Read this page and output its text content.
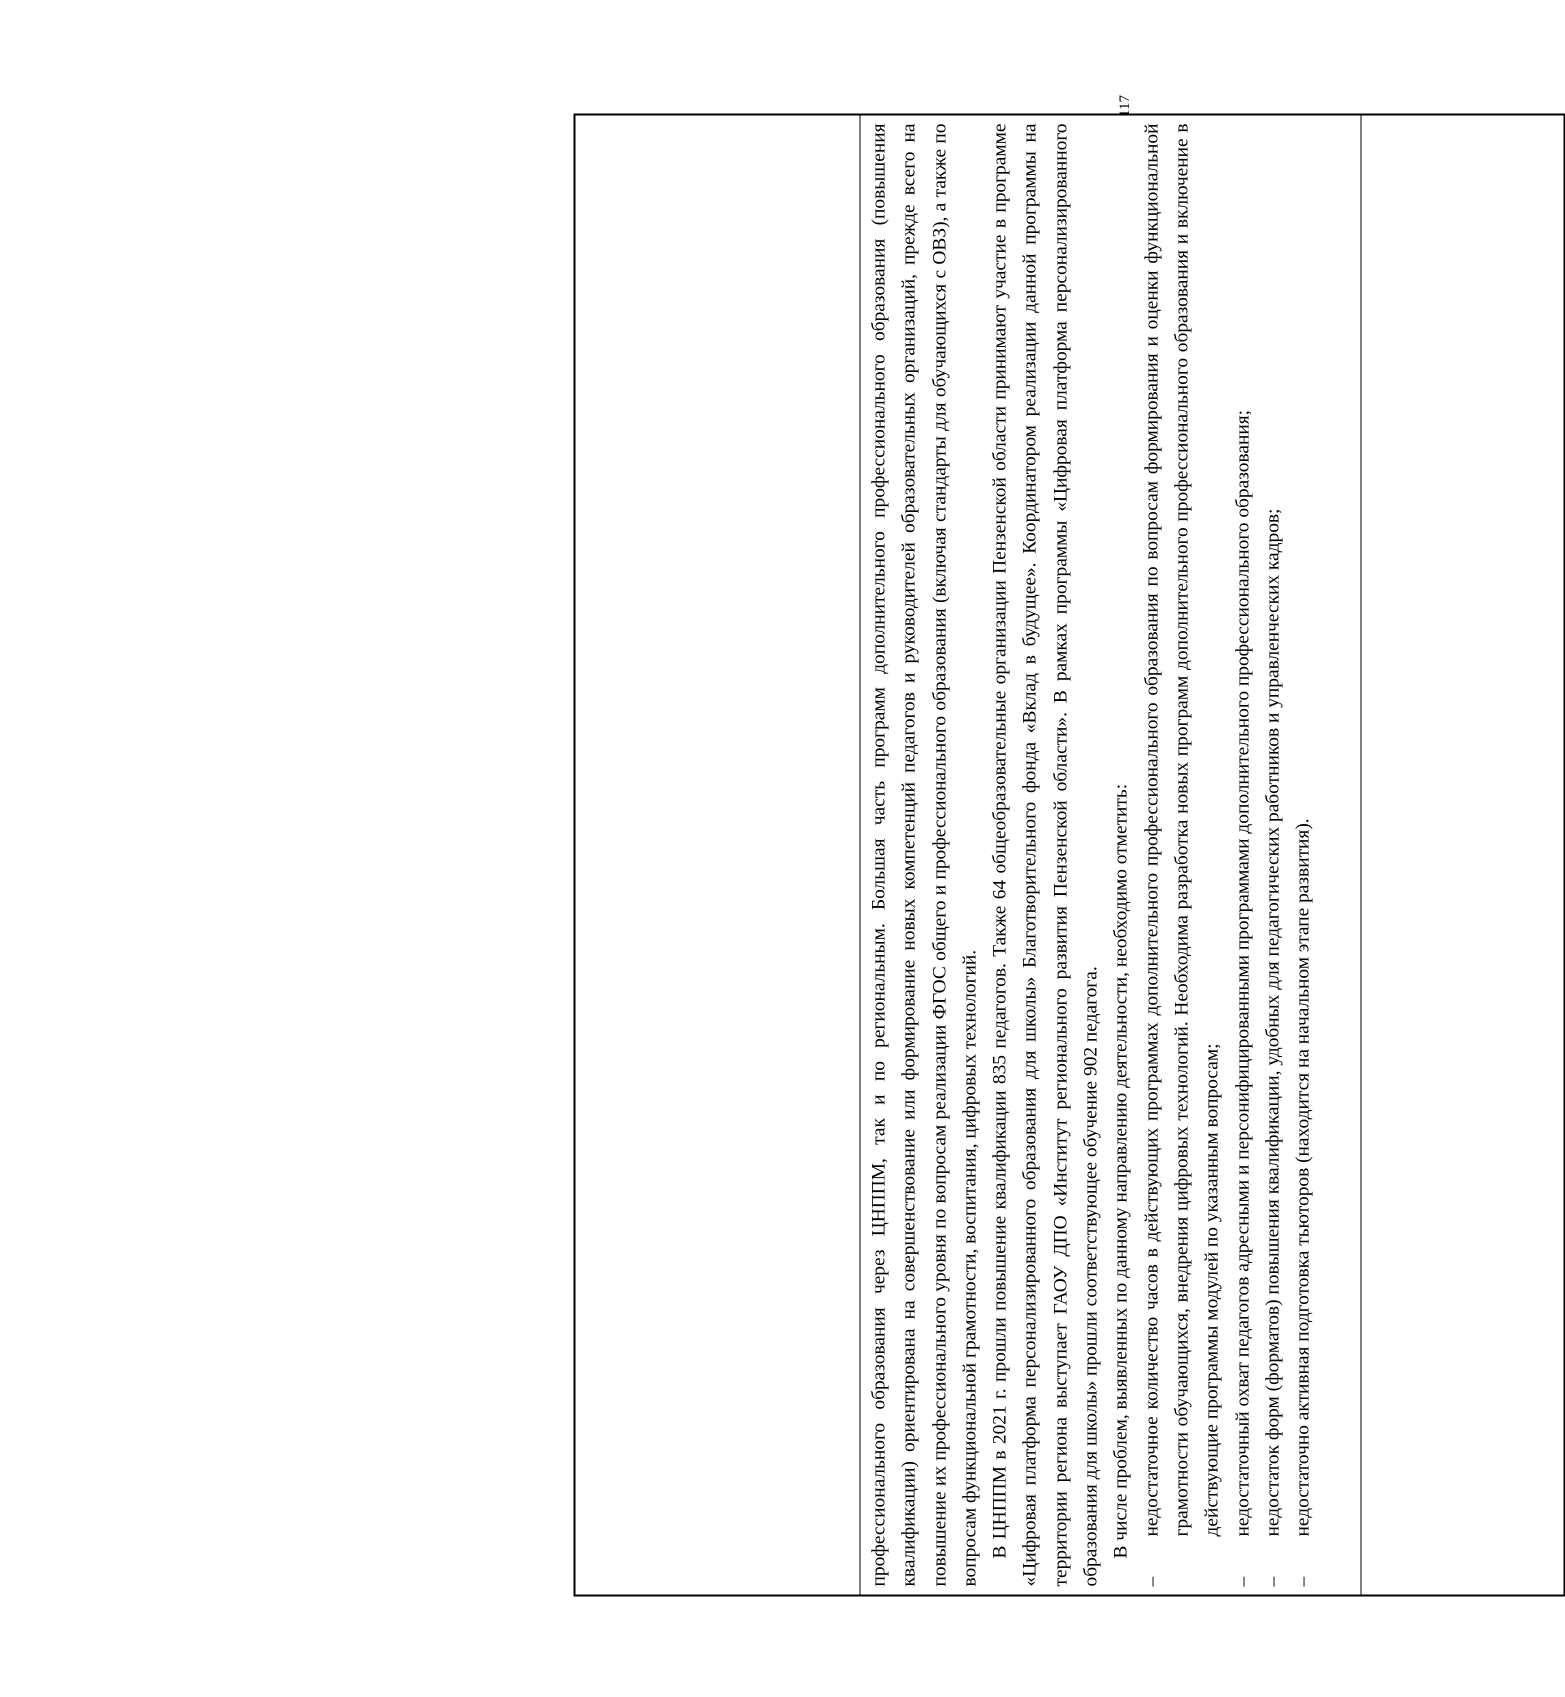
117

профессионального образования через ЦНППМ, так и по региональным. Большая часть программ дополнительного профессионального образования (повышения квалификации) ориентирована на совершенствование или формирование новых компетенций педагогов и руководителей образовательных организаций, прежде всего на повышение их профессионального уровня по вопросам реализации ФГОС общего и профессионального образования (включая стандарты для обучающихся с ОВЗ), а также по вопросам функциональной грамотности, воспитания, цифровых технологий. В ЦНППМ в 2021 г. прошли повышение квалификации 835 педагогов. Также 64 общеобразовательные организации Пензенской области принимают участие в программе «Цифровая платформа персонализированного образования для школы» Благотворительного фонда «Вклад в будущее». Координатором реализации данной программы на территории региона выступает ГАОУ ДПО «Институт регионального развития Пензенской области». В рамках программы «Цифровая платформа персонализированного образования для школы» прошли соответствующее обучение 902 педагога. В числе проблем, выявленных по данному направлению деятельности, необходимо отметить:

–
недостаточное количество часов в действующих программах дополнительного профессионального образования по вопросам формирования и оценки функциональной грамотности обучающихся, внедрения цифровых технологий. Необходима разработка новых программ дополнительного профессионального образования и включение в действующие программы модулей по указанным вопросам;
–
недостаточный охват педагогов адресными и персонифицированными программами дополнительного профессионального образования;
–
недостаток форм (форматов) повышения квалификации, удобных для педагогических работников и управленческих кадров;
–
недостаточно активная подготовка тьюторов (находится на начальном этапе развития).
